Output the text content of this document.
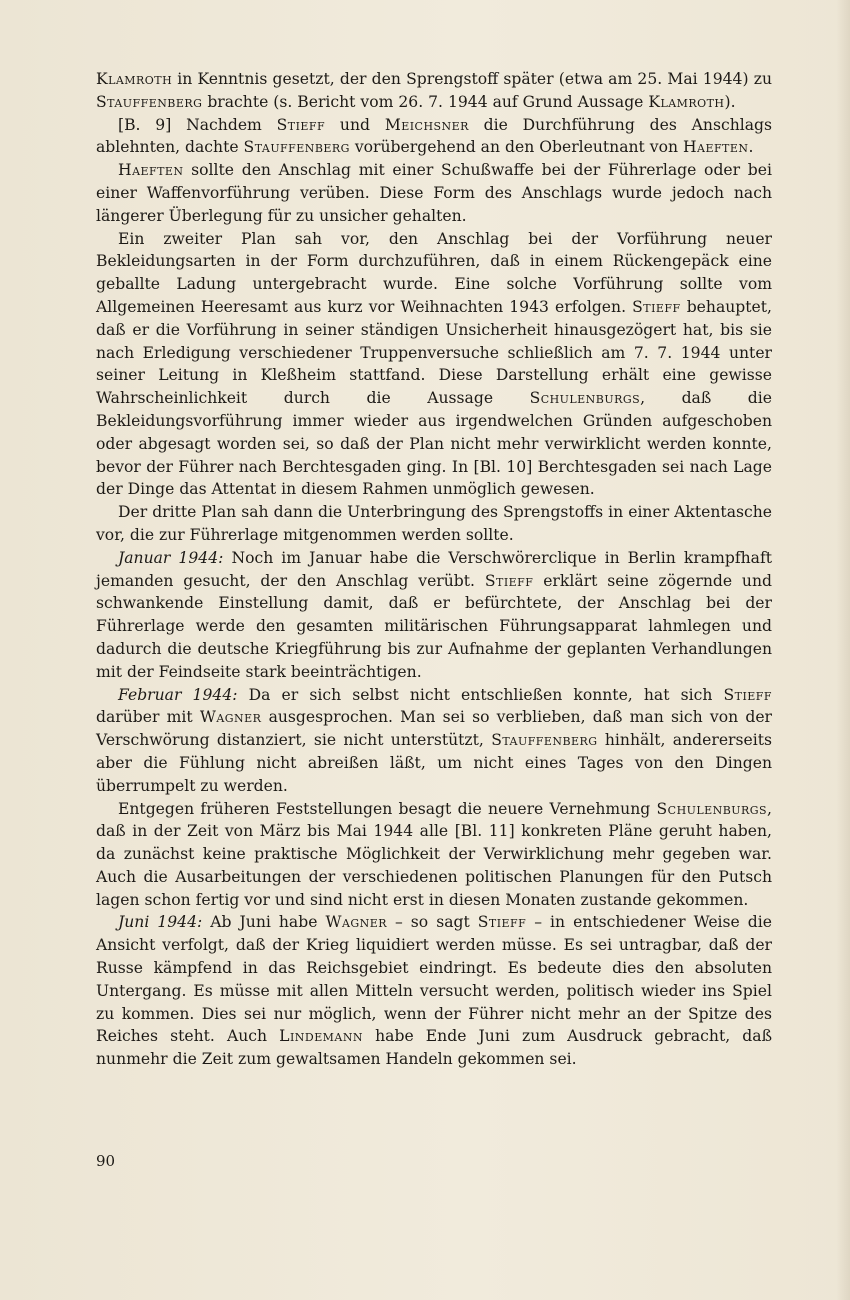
Klamroth in Kenntnis gesetzt, der den Sprengstoff später (etwa am 25. Mai 1944) zu Stauffenberg brachte (s. Bericht vom 26. 7. 1944 auf Grund Aussage Klamroth).

[B. 9] Nachdem Stieff und Meichsner die Durchführung des Anschlags ablehnten, dachte Stauffenberg vorübergehend an den Oberleutnant von Haeften.

Haeften sollte den Anschlag mit einer Schußwaffe bei der Führerlage oder bei einer Waffenvorführung verüben. Diese Form des Anschlags wurde jedoch nach längerer Überlegung für zu unsicher gehalten.

Ein zweiter Plan sah vor, den Anschlag bei der Vorführung neuer Bekleidungsarten in der Form durchzuführen, daß in einem Rückengepäck eine geballte Ladung untergebracht wurde. Eine solche Vorführung sollte vom Allgemeinen Heeresamt aus kurz vor Weihnachten 1943 erfolgen. Stieff behauptet, daß er die Vorführung in seiner ständigen Unsicherheit hinausgezögert hat, bis sie nach Erledigung verschiedener Truppenversuche schließlich am 7. 7. 1944 unter seiner Leitung in Kleßheim stattfand. Diese Darstellung erhält eine gewisse Wahrscheinlichkeit durch die Aussage Schulenburgs, daß die Bekleidungsvorführung immer wieder aus irgendwelchen Gründen aufgeschoben oder abgesagt worden sei, so daß der Plan nicht mehr verwirklicht werden konnte, bevor der Führer nach Berchtesgaden ging. In [Bl. 10] Berchtesgaden sei nach Lage der Dinge das Attentat in diesem Rahmen unmöglich gewesen.

Der dritte Plan sah dann die Unterbringung des Sprengstoffs in einer Aktentasche vor, die zur Führerlage mitgenommen werden sollte.

Januar 1944: Noch im Januar habe die Verschwörerclique in Berlin krampfhaft jemanden gesucht, der den Anschlag verübt. Stieff erklärt seine zögernde und schwankende Einstellung damit, daß er befürchtete, der Anschlag bei der Führerlage werde den gesamten militärischen Führungsapparat lahmlegen und dadurch die deutsche Kriegführung bis zur Aufnahme der geplanten Verhandlungen mit der Feindseite stark beeinträchtigen.

Februar 1944: Da er sich selbst nicht entschließen konnte, hat sich Stieff darüber mit Wagner ausgesprochen. Man sei so verblieben, daß man sich von der Verschwörung distanziert, sie nicht unterstützt, Stauffenberg hinhält, andererseits aber die Fühlung nicht abreißen läßt, um nicht eines Tages von den Dingen überrumpelt zu werden.

Entgegen früheren Feststellungen besagt die neuere Vernehmung Schulenburgs, daß in der Zeit von März bis Mai 1944 alle [Bl. 11] konkreten Pläne geruht haben, da zunächst keine praktische Möglichkeit der Verwirklichung mehr gegeben war. Auch die Ausarbeitungen der verschiedenen politischen Planungen für den Putsch lagen schon fertig vor und sind nicht erst in diesen Monaten zustande gekommen.

Juni 1944: Ab Juni habe Wagner – so sagt Stieff – in entschiedener Weise die Ansicht verfolgt, daß der Krieg liquidiert werden müsse. Es sei untragbar, daß der Russe kämpfend in das Reichsgebiet eindringt. Es bedeute dies den absoluten Untergang. Es müsse mit allen Mitteln versucht werden, politisch wieder ins Spiel zu kommen. Dies sei nur möglich, wenn der Führer nicht mehr an der Spitze des Reiches steht. Auch Lindemann habe Ende Juni zum Ausdruck gebracht, daß nunmehr die Zeit zum gewaltsamen Handeln gekommen sei.

90
